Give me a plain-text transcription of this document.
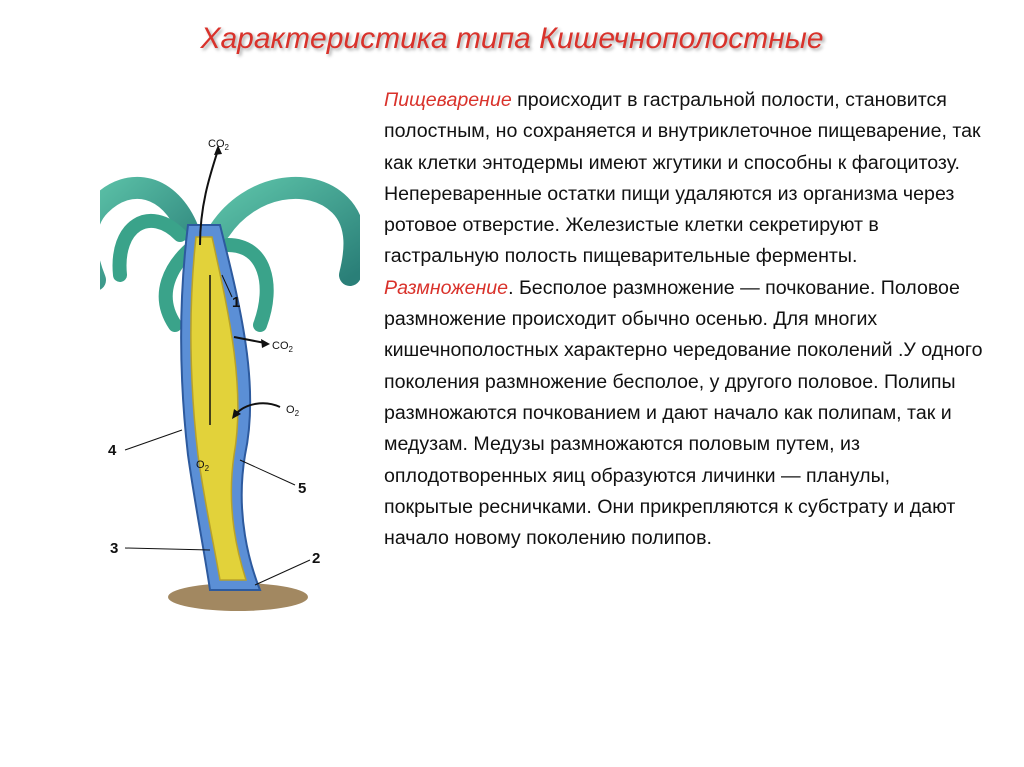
Характеристика типа Кишечнополостные
$CO_2$
$CO_2$
$O_2$
$O_2$
1
4
5
3
2

Пищеварение происходит в гастральной полости, становится полостным, но сохраняется и внутриклеточное пищеварение, так как клетки энтодермы имеют жгутики и способны к фагоцитозу. Непереваренные остатки пищи удаляются из организма через ротовое отверстие. Железистые клетки секретируют в гастральную полость пищеварительные ферменты.

Размножение. Бесполое размножение — почкование. Половое размножение происходит обычно осенью. Для многих кишечнополостных характерно чередование поколений .У одного поколения размножение бесполое, у другого половое. Полипы размножаются почкованием и дают начало как полипам, так и медузам. Медузы размножаются половым путем, из оплодотворенных яиц образуются личинки — планулы, покрытые ресничками. Они прикрепляются к субстрату и дают начало новому поколению полипов.
